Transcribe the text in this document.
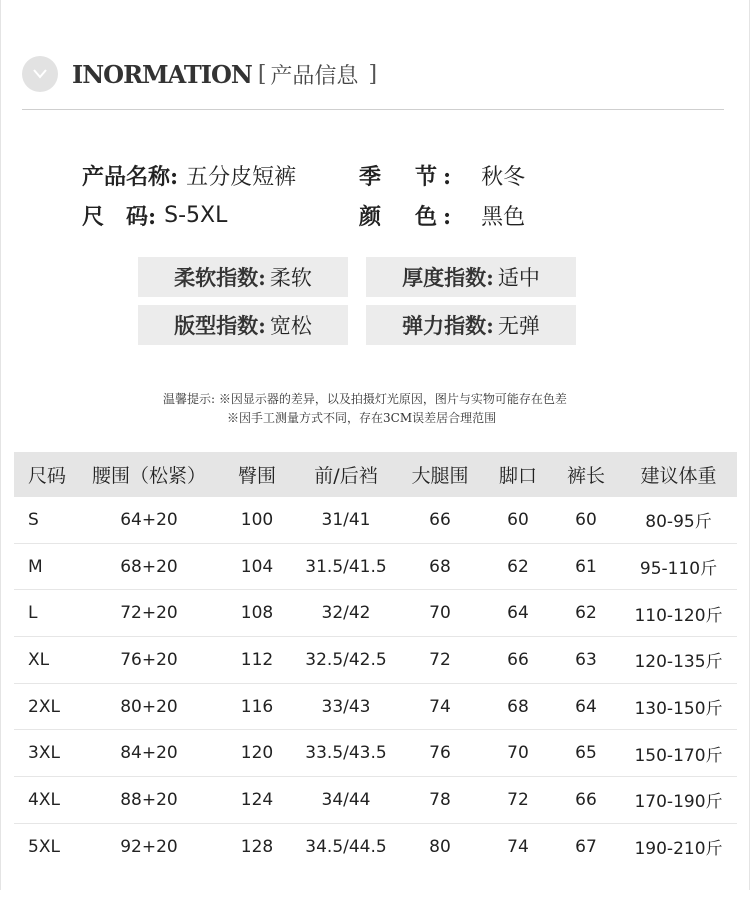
INORMATION [ 产品信息 ]
产品名称: 五分皮短裤	季　节: 秋冬
尺　码: S-5XL	颜　色: 黑色
柔软指数: 柔软	厚度指数: 适中
版型指数: 宽松	弹力指数: 无弹
温馨提示: ※因显示器的差异，以及拍摄灯光原因，图片与实物可能存在色差
※因手工测量方式不同，存在3CM误差居合理范围
尺码	腰围（松紧）	臀围	前/后裆	大腿围	脚口	裤长	建议体重
S	64+20	100	31/41	66	60	60	80-95斤
M	68+20	104	31.5/41.5	68	62	61	95-110斤
L	72+20	108	32/42	70	64	62	110-120斤
XL	76+20	112	32.5/42.5	72	66	63	120-135斤
2XL	80+20	116	33/43	74	68	64	130-150斤
3XL	84+20	120	33.5/43.5	76	70	65	150-170斤
4XL	88+20	124	34/44	78	72	66	170-190斤
5XL	92+20	128	34.5/44.5	80	74	67	190-210斤
